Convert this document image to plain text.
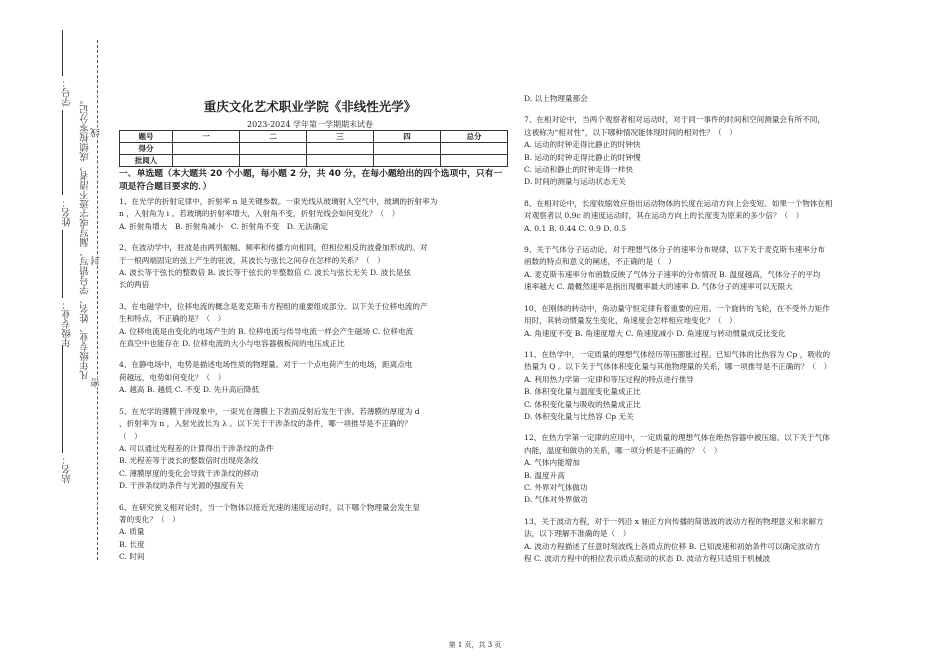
学号：
姓名：
年级专业：
站名：
凡年级专业、姓名、学号错写、漏写或字迹不清者，成绩按零分记。
密
封
线
重庆文化艺术职业学院《非线性光学》
2023-2024 学年第一学期期末试卷
题号	一	二	三	四	总分
得分					
批阅人					
一、单选题（本大题共 20 个小题，每小题 2 分，共 40 分，在每小题给出的四个选项中，只有一项是符合题目要求的．）

1、在光学的折射定律中，折射率 n 是关键参数。一束光线从玻璃射入空气中，玻璃的折射率为

n ，入射角为 i 。若玻璃的折射率增大，入射角不变，折射光线会如何变化？（　）

A. 折射角增大　B. 折射角减小　C. 折射角不变　D. 无法确定

2、在波动学中，驻波是由两列振幅、频率和传播方向相同，但相位相反的波叠加形成的。对

于一根两端固定的弦上产生的驻波，其波长与弦长之间存在怎样的关系？（　）

A. 波长等于弦长的整数倍 B. 波长等于弦长的半整数倍 C. 波长与弦长无关 D. 波长是弦

长的两倍

3、在电磁学中，位移电流的概念是麦克斯韦方程组的重要组成部分。以下关于位移电流的产

生和特点，不正确的是？（　）

A. 位移电流是由变化的电场产生的 B. 位移电流与传导电流一样会产生磁场 C. 位移电流

在真空中也能存在 D. 位移电流的大小与电容器极板间的电压成正比

4、在静电场中，电势是描述电场性质的物理量。对于一个点电荷产生的电场，距离点电

荷越远，电势如何变化？（　）

A. 越高 B. 越低 C. 不变 D. 先升高后降低

5、在光学的薄膜干涉现象中，一束光在薄膜上下表面反射后发生干涉。若薄膜的厚度为 d

，折射率为 n ，入射光波长为 λ 。以下关于干涉条纹的条件，哪一项推导是不正确的？

（　）

A. 可以通过光程差的计算得出干涉条纹的条件

B. 光程差等于波长的整数倍时出现亮条纹

C. 薄膜厚度的变化会导致干涉条纹的移动

D. 干涉条纹的条件与光源的强度有关

6、在研究狭义相对论时，当一个物体以接近光速的速度运动时，以下哪个物理量会发生显

著的变化？（　）

A. 质量

B. 长度

C. 时间

D. 以上物理量都会

7、在相对论中，当两个观察者相对运动时，对于同一事件的时间和空间测量会有所不同，

这被称为“相对性”，以下哪种情况能体现时间的相对性？（　）

A. 运动的时钟走得比静止的时钟快

B. 运动的时钟走得比静止的时钟慢

C. 运动和静止的时钟走得一样快

D. 时间的测量与运动状态无关

8、在相对论中，长度收缩效应指出运动物体的长度在运动方向上会变短。如果一个物体在相

对观察者以 0.9c 的速度运动时，其在运动方向上的长度变为原来的多少倍？（　）

A. 0.1 B. 0.44 C. 0.9 D. 0.5

9、关于气体分子运动论，对于理想气体分子的速率分布规律，以下关于麦克斯韦速率分布

函数的特点和意义的阐述，不正确的是（　）

A. 麦克斯韦速率分布函数反映了气体分子速率的分布情况 B. 温度越高，气体分子的平均

速率越大 C. 最概然速率是指出现概率最大的速率 D. 气体分子的速率可以无限大

10、在刚体的转动中，角动量守恒定律有着重要的应用。一个旋转的飞轮，在不受外力矩作

用时，其转动惯量发生变化，角速度会怎样相应地变化？（　）

A. 角速度不变 B. 角速度增大 C. 角速度减小 D. 角速度与转动惯量成反比变化

11、在热学中，一定质量的理想气体经历等压膨胀过程。已知气体的比热容为 Cp ，吸收的

热量为 Q 。以下关于气体体积变化量与其他物理量的关系，哪一项推导是不正确的？（　）

A. 利用热力学第一定律和等压过程的特点进行推导

B. 体积变化量与温度变化量成正比

C. 体积变化量与吸收的热量成正比

D. 体积变化量与比热容 Cp 无关

12、在热力学第一定律的应用中，一定质量的理想气体在绝热容器中被压缩。以下关于气体

内能，温度和做功的关系，哪一项分析是不正确的？（　）

A. 气体内能增加

B. 温度升高

C. 外界对气体做功

D. 气体对外界做功

13、关于波动方程，对于一列沿 x 轴正方向传播的简谐波的波动方程的物理意义和求解方

法，以下理解不准确的是（　）

A. 波动方程描述了任意时刻波线上各质点的位移 B. 已知波速和初始条件可以确定波动方

程 C. 波动方程中的相位表示质点振动的状态 D. 波动方程只适用于机械波

第 1 页，共 3 页
